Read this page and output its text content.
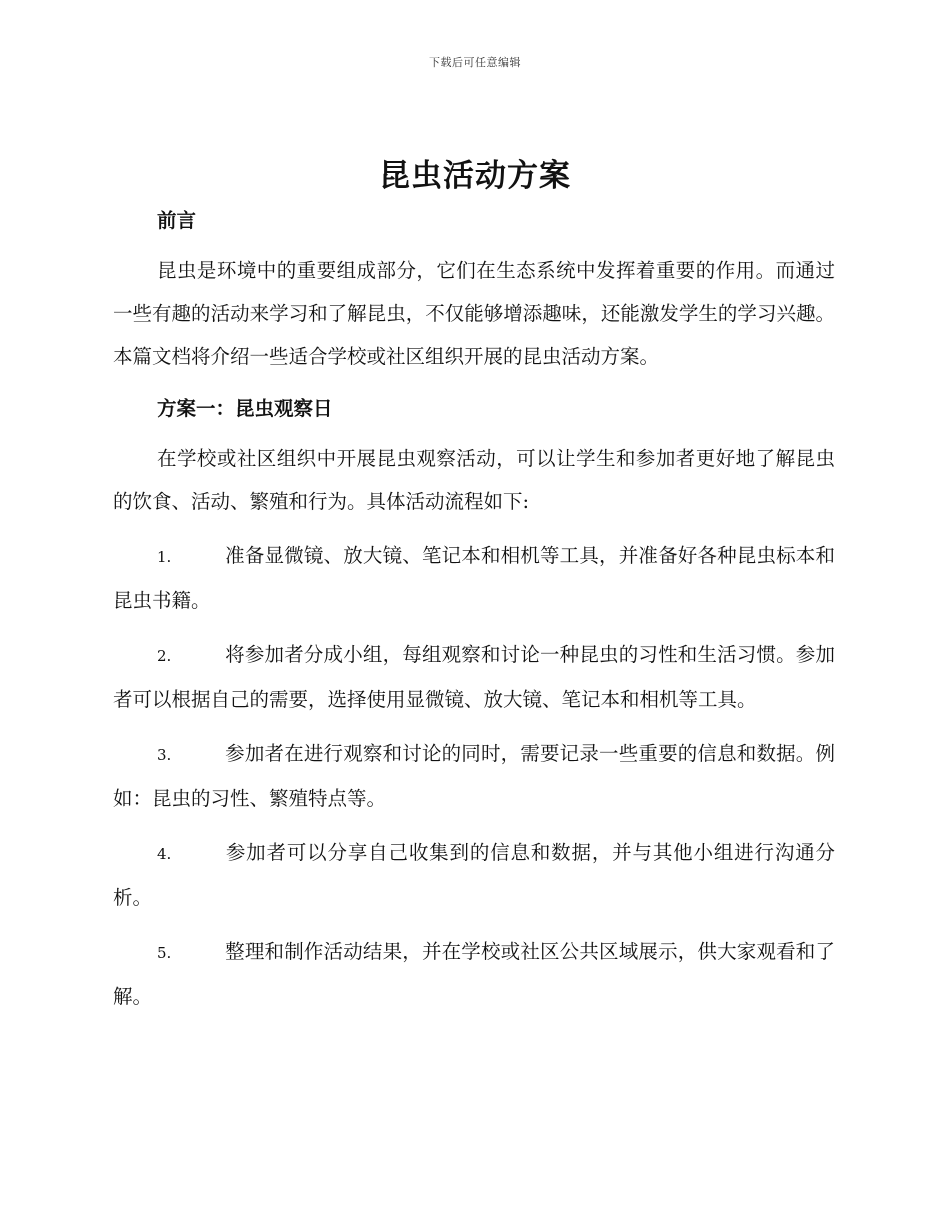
下载后可任意编辑
昆虫活动方案
前言

昆虫是环境中的重要组成部分，它们在生态系统中发挥着重要的作用。而通过一些有趣的活动来学习和了解昆虫，不仅能够增添趣味，还能激发学生的学习兴趣。本篇文档将介绍一些适合学校或社区组织开展的昆虫活动方案。

方案一：昆虫观察日

在学校或社区组织中开展昆虫观察活动，可以让学生和参加者更好地了解昆虫的饮食、活动、繁殖和行为。具体活动流程如下:

1.	准备显微镜、放大镜、笔记本和相机等工具，并准备好各种昆虫标本和昆虫书籍。

2.	将参加者分成小组，每组观察和讨论一种昆虫的习性和生活习惯。参加者可以根据自己的需要，选择使用显微镜、放大镜、笔记本和相机等工具。

3.	参加者在进行观察和讨论的同时，需要记录一些重要的信息和数据。例如：昆虫的习性、繁殖特点等。

4.	参加者可以分享自己收集到的信息和数据，并与其他小组进行沟通分析。

5.	整理和制作活动结果，并在学校或社区公共区域展示，供大家观看和了解。
